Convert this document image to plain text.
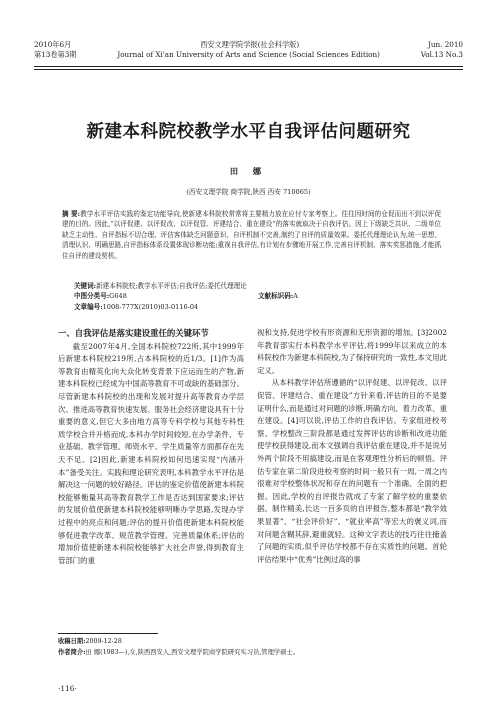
2010年6月	西安文理学院学报(社会科学版)	Jun. 2010
第13卷第3期	Journal of Xi'an University of Arts and Science (Social Sciences Edition)	Vol.13 No.3
新建本科院校教学水平自我评估问题研究
田 娜
(西安文理学院 商学院,陕西 西安 710065)
摘 要:教学水平评估实践的鉴定功能导向,使新建本科院校常常将主要精力放在应付专家考察上。往往因时间的仓促而出不到以评促建的目的。因此,“以评促建、以评促改、以评促管、评建结合、重在建设”的落实就取决于自我评估。因上下级缺乏共识、二级单位缺乏主动性、自评指标不切合理、评估客体缺乏问题意识、自评机制不完善,制约了自评的质量效果。委托代理理论认为,统一思想、清理认识、明确思路,自评指标体系设置体现诊断功能;重视自我评估,有计划有步骤地开展工作,完善自评机制、落实奖惩措施,才能抓住自评的建设契机。
关键词:新建本科院校;教学水平评估;自我评估;委托代理理论
中图分类号:G648	文献标识码:A
文章编号:1008-777X(2010)03-0116-04
一、自我评估是落实建设重任的关键环节

截至2007年4月,全国本科院校722所,其中1999年后新建本科院校219所,占本科院校的近1/3。[1]作为高等教育由精英化向大众化转变背景下应运而生的产物,新建本科院校已经成为中国高等教育不可或缺的基础部分。尽管新建本科院校的出现和发展对提升高等教育办学层次、推进高等教育快速发展、服务社会经济建设具有十分重要的意义,但它大多由地方高等专科学校与其他专科性质学校合并升格而成,本科办学时间较短,在办学条件、专业基础、教学管理、师资水平、学生质量等方面都存在先天不足。[2]因此,新建本科院校如何迅速实现“内涵升本”备受关注。实践和理论研究表明,本科教学水平评估是解决这一问题的较好路径。评估的鉴定价值使新建本科院校能够衡量其高等教育教学工作是否达到国家要求;评估的发展价值使新建本科院校能够明晰办学思路,发现办学过程中的亮点和问题;评估的提升价值使新建本科院校能够促进教学改革、规范教学管理、完善质量体系;评估的增加价值使新建本科院校能够扩大社会声誉,得到教育主管部门的重

视和支持,促进学校有形资源和无形资源的增加。[3]2002年教育部实行本科教学水平评估,将1999年以来成立的本科院校作为新建本科院校,为了保持研究的一致性,本文用此定义。

从本科教学评估所遵循的“以评促建、以评促改、以评促管、评建结合、重在建设”方针来看,评估的目的不是要证明什么,而是通过对问题的诊断,明确方向、着力改革、重在建设。[4]可以说,评估工作的自我评估、专家组进校考察、学校整改三阶段都是通过发挥评估的诊断和改进功能使学校获得建设,而本文强调自我评估重在建设,并不是说另外两个阶段不用搞建设,而是在客观理性分析后的顿悟。评估专家在第二阶段进校考察的时间一般只有一周,一周之内很难对学校整体状况和存在的问题有一个准确、全面的把握。因此,学校的自评报告就成了专家了解学校的重要依据。制作精美,长达一百多页的自评报告,整本都是“教学效果显著”、“社会评价好”、“就业率高”等宏大的褒义词,而对问题含糊其辞,避重就轻。这种文字表达的技巧往往掩盖了问题的实质,似乎评估学校都不存在实质性的问题。首轮评估结果中“优秀”比例过高的事

收稿日期:2009-12-28
作者简介:田 娜(1983—),女,陕西西安人,西安文理学院商学院研究实习员,管理学硕士。
·116·
